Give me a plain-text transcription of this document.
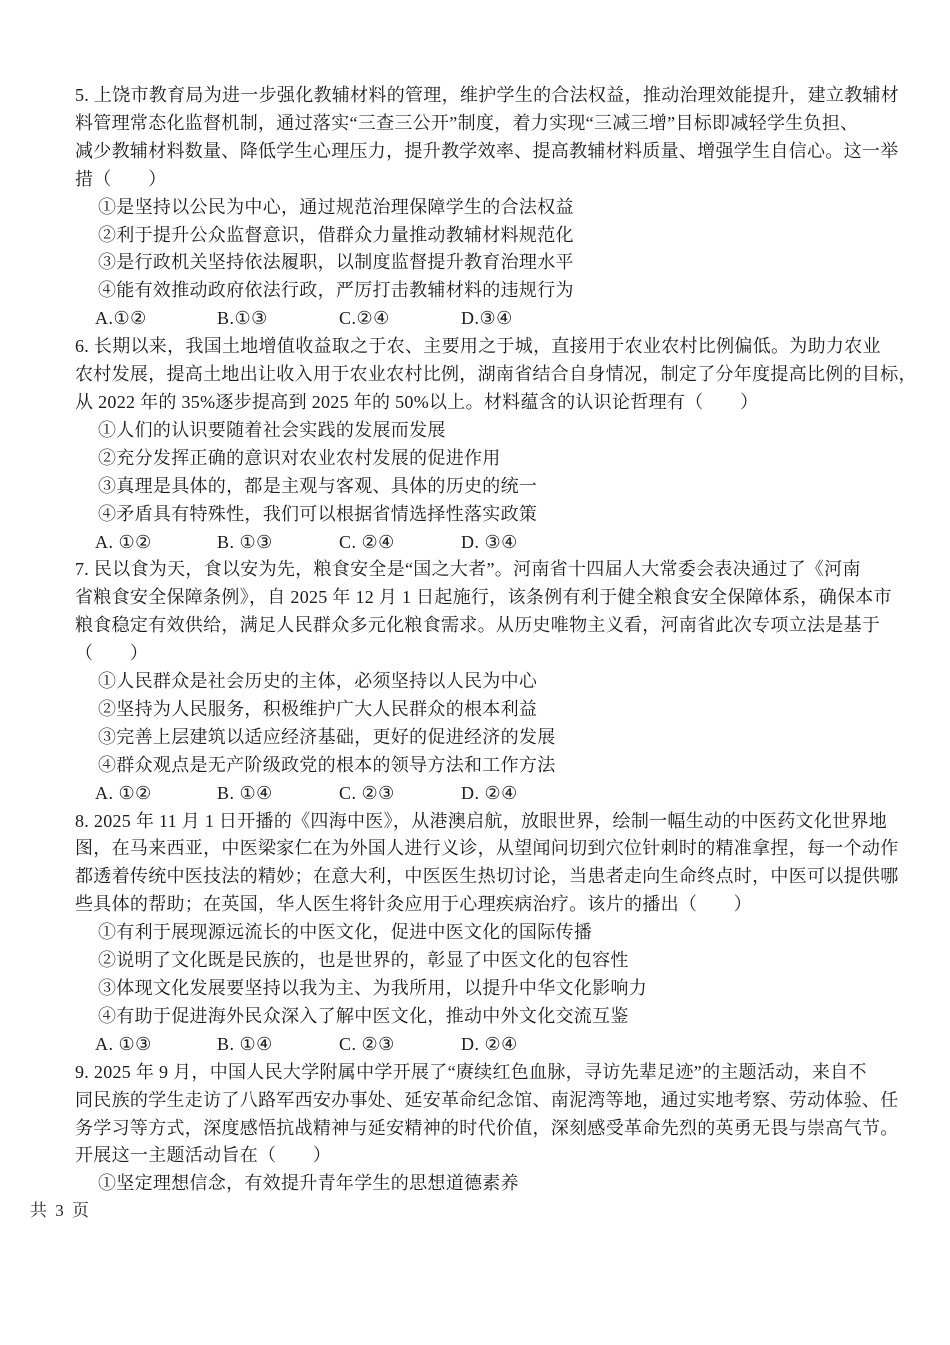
5. 上饶市教育局为进一步强化教辅材料的管理，维护学生的合法权益，推动治理效能提升，建立教辅材
料管理常态化监督机制，通过落实“三查三公开”制度，着力实现“三减三增”目标即减轻学生负担、
减少教辅材料数量、降低学生心理压力，提升教学效率、提高教辅材料质量、增强学生自信心。这一举
措（　　）
①是坚持以公民为中心，通过规范治理保障学生的合法权益
②利于提升公众监督意识，借群众力量推动教辅材料规范化
③是行政机关坚持依法履职，以制度监督提升教育治理水平
④能有效推动政府依法行政，严厉打击教辅材料的违规行为
A.①②	B.①③	C.②④	D.③④
6. 长期以来，我国土地增值收益取之于农、主要用之于城，直接用于农业农村比例偏低。为助力农业
农村发展，提高土地出让收入用于农业农村比例，湖南省结合自身情况，制定了分年度提高比例的目标，
从 2022 年的 35%逐步提高到 2025 年的 50%以上。材料蕴含的认识论哲理有（　　）
①人们的认识要随着社会实践的发展而发展
②充分发挥正确的意识对农业农村发展的促进作用
③真理是具体的，都是主观与客观、具体的历史的统一
④矛盾具有特殊性，我们可以根据省情选择性落实政策
A. ①②	B. ①③	C. ②④	D. ③④
7. 民以食为天，食以安为先，粮食安全是“国之大者”。河南省十四届人大常委会表决通过了《河南
省粮食安全保障条例》，自 2025 年 12 月 1 日起施行，该条例有利于健全粮食安全保障体系，确保本市
粮食稳定有效供给，满足人民群众多元化粮食需求。从历史唯物主义看，河南省此次专项立法是基于
（　　）
①人民群众是社会历史的主体，必须坚持以人民为中心
②坚持为人民服务，积极维护广大人民群众的根本利益
③完善上层建筑以适应经济基础，更好的促进经济的发展
④群众观点是无产阶级政党的根本的领导方法和工作方法
A. ①②	B. ①④	C. ②③	D. ②④
8. 2025 年 11 月 1 日开播的《四海中医》，从港澳启航，放眼世界，绘制一幅生动的中医药文化世界地
图，在马来西亚，中医梁家仁在为外国人进行义诊，从望闻问切到穴位针刺时的精准拿捏，每一个动作
都透着传统中医技法的精妙；在意大利，中医医生热切讨论，当患者走向生命终点时，中医可以提供哪
些具体的帮助；在英国，华人医生将针灸应用于心理疾病治疗。该片的播出（　　）
①有利于展现源远流长的中医文化，促进中医文化的国际传播
②说明了文化既是民族的，也是世界的，彰显了中医文化的包容性
③体现文化发展要坚持以我为主、为我所用，以提升中华文化影响力
④有助于促进海外民众深入了解中医文化，推动中外文化交流互鉴
A. ①③	B. ①④	C. ②③	D. ②④
9. 2025 年 9 月，中国人民大学附属中学开展了“赓续红色血脉，寻访先辈足迹”的主题活动，来自不
同民族的学生走访了八路军西安办事处、延安革命纪念馆、南泥湾等地，通过实地考察、劳动体验、任
务学习等方式，深度感悟抗战精神与延安精神的时代价值，深刻感受革命先烈的英勇无畏与崇高气节。
开展这一主题活动旨在（　　）
①坚定理想信念，有效提升青年学生的思想道德素养
共 3 页
